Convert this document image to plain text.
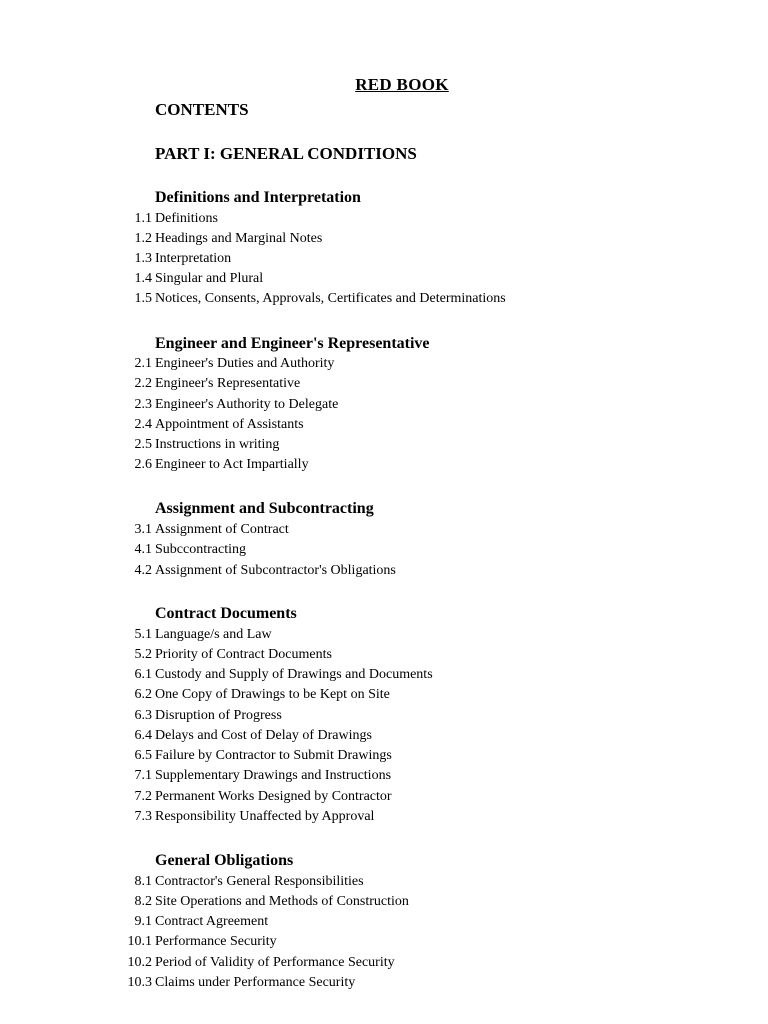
RED BOOK
CONTENTS
PART I: GENERAL CONDITIONS
Definitions and Interpretation
1.1 Definitions
1.2 Headings and Marginal Notes
1.3 Interpretation
1.4 Singular and Plural
1.5 Notices, Consents, Approvals, Certificates and Determinations
Engineer and Engineer's Representative
2.1 Engineer's Duties and Authority
2.2 Engineer's Representative
2.3 Engineer's Authority to Delegate
2.4 Appointment of Assistants
2.5 Instructions in writing
2.6 Engineer to Act Impartially
Assignment and Subcontracting
3.1 Assignment of Contract
4.1 Subccontracting
4.2 Assignment of Subcontractor's Obligations
Contract Documents
5.1 Language/s and Law
5.2 Priority of Contract Documents
6.1 Custody and Supply of Drawings and Documents
6.2 One Copy of Drawings to be Kept on Site
6.3 Disruption of Progress
6.4 Delays and Cost of Delay of Drawings
6.5 Failure by Contractor to Submit Drawings
7.1 Supplementary Drawings and Instructions
7.2 Permanent Works Designed by Contractor
7.3 Responsibility Unaffected by Approval
General Obligations
8.1 Contractor's General Responsibilities
8.2 Site Operations and Methods of Construction
9.1 Contract Agreement
10.1 Performance Security
10.2 Period of Validity of Performance Security
10.3 Claims under Performance Security
